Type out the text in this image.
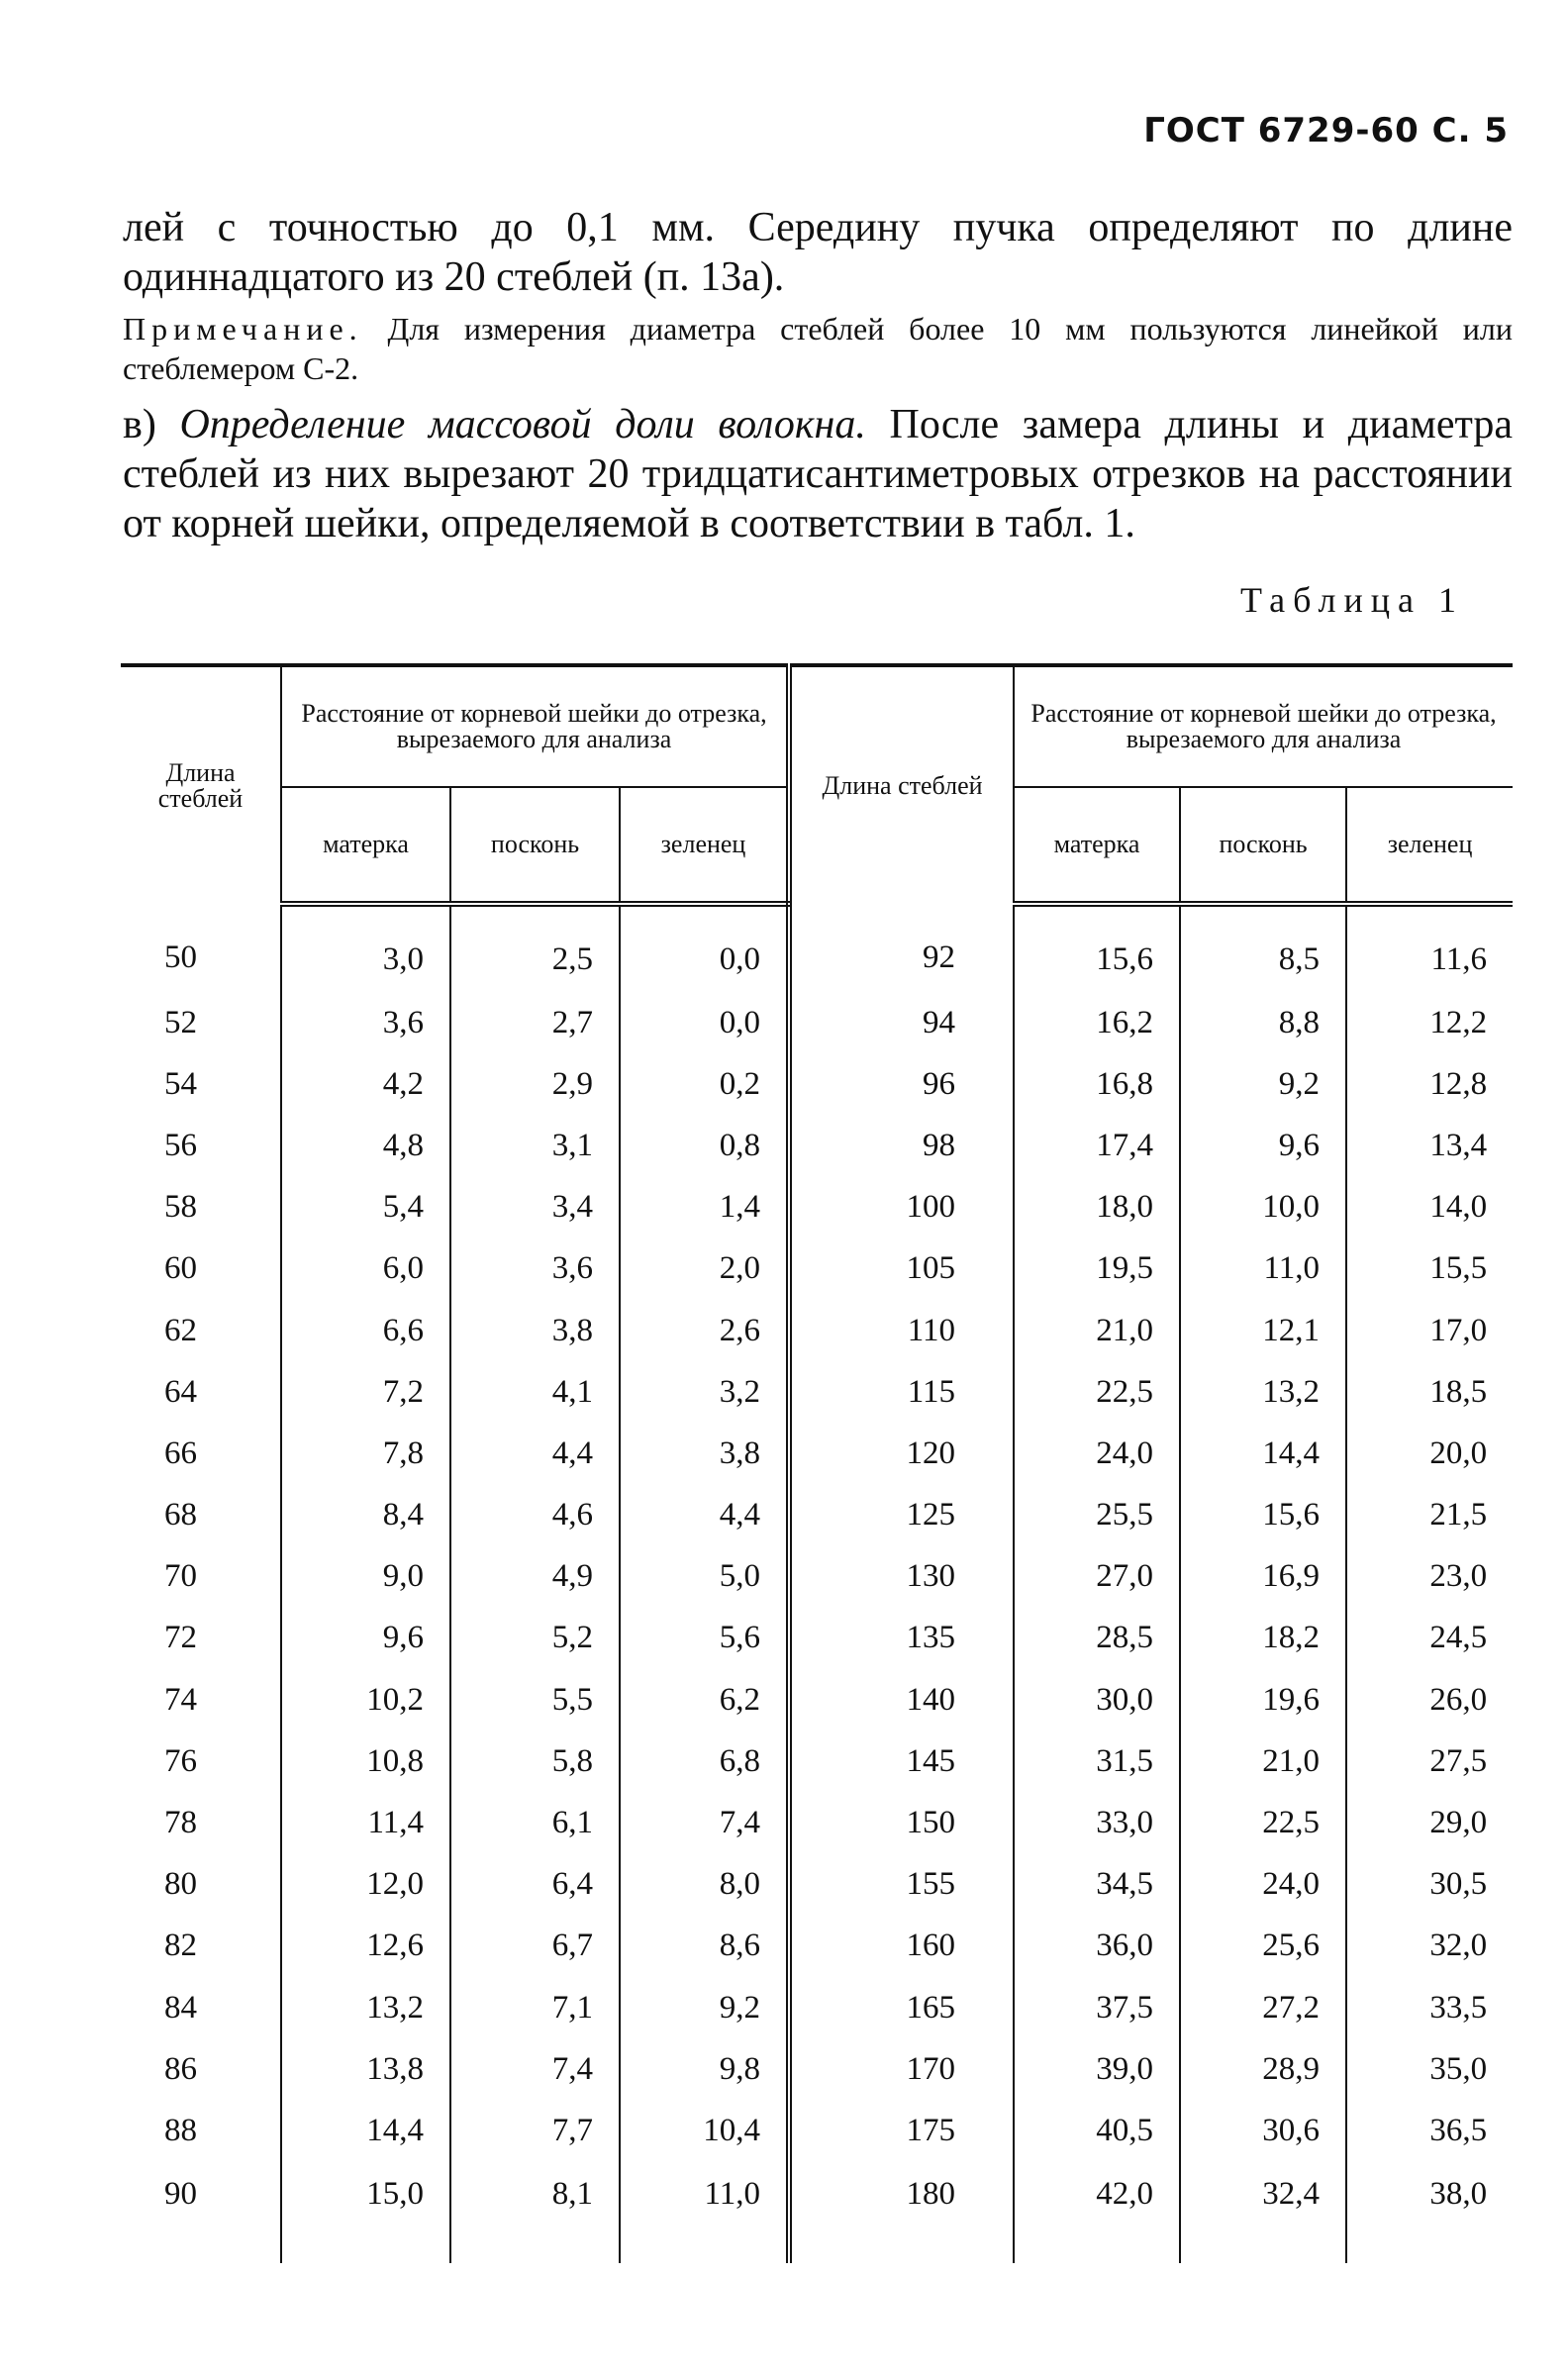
ГОСТ 6729-60 С. 5
лей с точностью до 0,1 мм. Середину пучка определяют по длине одиннадцатого из 20 стеблей (п. 13а).
Примечание. Для измерения диаметра стеблей более 10 мм пользуются линейкой или стеблемером С-2.
в) Определение массовой доли волокна. После замера длины и диаметра стеблей из них вырезают 20 тридцатисантиметровых отрезков на расстоянии от корней шейки, определяемой в соответствии в табл. 1.
Таблица 1
Длина стеблей	Расстояние от корневой шейки до отрезка, вырезаемого для анализа			Длина стеблей	Расстояние от корневой шейки до отрезка, вырезаемого для анализа		
	матерка	посконь	зеленец		матерка	посконь	зеленец
50	3,0	2,5	0,0	92	15,6	8,5	11,6
52	3,6	2,7	0,0	94	16,2	8,8	12,2
54	4,2	2,9	0,2	96	16,8	9,2	12,8
56	4,8	3,1	0,8	98	17,4	9,6	13,4
58	5,4	3,4	1,4	100	18,0	10,0	14,0
60	6,0	3,6	2,0	105	19,5	11,0	15,5
62	6,6	3,8	2,6	110	21,0	12,1	17,0
64	7,2	4,1	3,2	115	22,5	13,2	18,5
66	7,8	4,4	3,8	120	24,0	14,4	20,0
68	8,4	4,6	4,4	125	25,5	15,6	21,5
70	9,0	4,9	5,0	130	27,0	16,9	23,0
72	9,6	5,2	5,6	135	28,5	18,2	24,5
74	10,2	5,5	6,2	140	30,0	19,6	26,0
76	10,8	5,8	6,8	145	31,5	21,0	27,5
78	11,4	6,1	7,4	150	33,0	22,5	29,0
80	12,0	6,4	8,0	155	34,5	24,0	30,5
82	12,6	6,7	8,6	160	36,0	25,6	32,0
84	13,2	7,1	9,2	165	37,5	27,2	33,5
86	13,8	7,4	9,8	170	39,0	28,9	35,0
88	14,4	7,7	10,4	175	40,5	30,6	36,5
90	15,0	8,1	11,0	180	42,0	32,4	38,0
